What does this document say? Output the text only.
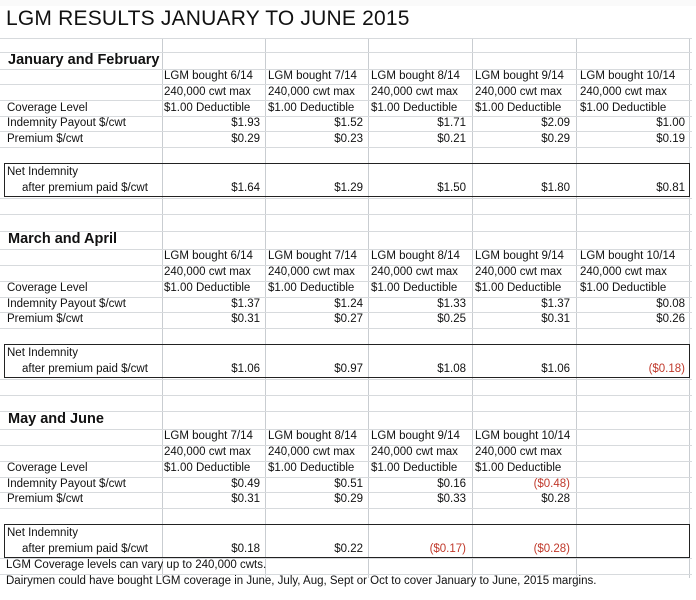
LGM RESULTS JANUARY TO JUNE 2015
January and February
LGM bought 6/14 LGM bought 7/14 LGM bought 8/14 LGM bought 9/14 LGM bought 10/14
240,000 cwt max 240,000 cwt max 240,000 cwt max 240,000 cwt max 240,000 cwt max
Coverage Level	$1.00 Deductible $1.00 Deductible $1.00 Deductible $1.00 Deductible $1.00 Deductible
Indemnity Payout $/cwt	$1.93	$1.52	$1.71	$2.09	$1.00
Premium $/cwt	$0.29	$0.23	$0.21	$0.29	$0.19
Net Indemnity
after premium paid $/cwt	$1.64	$1.29	$1.50	$1.80	$0.81
March and April
LGM bought 6/14 LGM bought 7/14 LGM bought 8/14 LGM bought 9/14 LGM bought 10/14
240,000 cwt max 240,000 cwt max 240,000 cwt max 240,000 cwt max 240,000 cwt max
Coverage Level	$1.00 Deductible $1.00 Deductible $1.00 Deductible $1.00 Deductible $1.00 Deductible
Indemnity Payout $/cwt	$1.37	$1.24	$1.33	$1.37	$0.08
Premium $/cwt	$0.31	$0.27	$0.25	$0.31	$0.26
Net Indemnity
after premium paid $/cwt	$1.06	$0.97	$1.08	$1.06	($0.18)
May and June
LGM bought 7/14 LGM bought 8/14 LGM bought 9/14 LGM bought 10/14
240,000 cwt max 240,000 cwt max 240,000 cwt max 240,000 cwt max
Coverage Level	$1.00 Deductible $1.00 Deductible $1.00 Deductible $1.00 Deductible
Indemnity Payout $/cwt	$0.49	$0.51	$0.16	($0.48)
Premium $/cwt	$0.31	$0.29	$0.33	$0.28
Net Indemnity
after premium paid $/cwt	$0.18	$0.22	($0.17)	($0.28)
LGM Coverage levels can vary up to 240,000 cwts.
Dairymen could have bought LGM coverage in June, July, Aug, Sept or Oct to cover January to June, 2015 margins.
